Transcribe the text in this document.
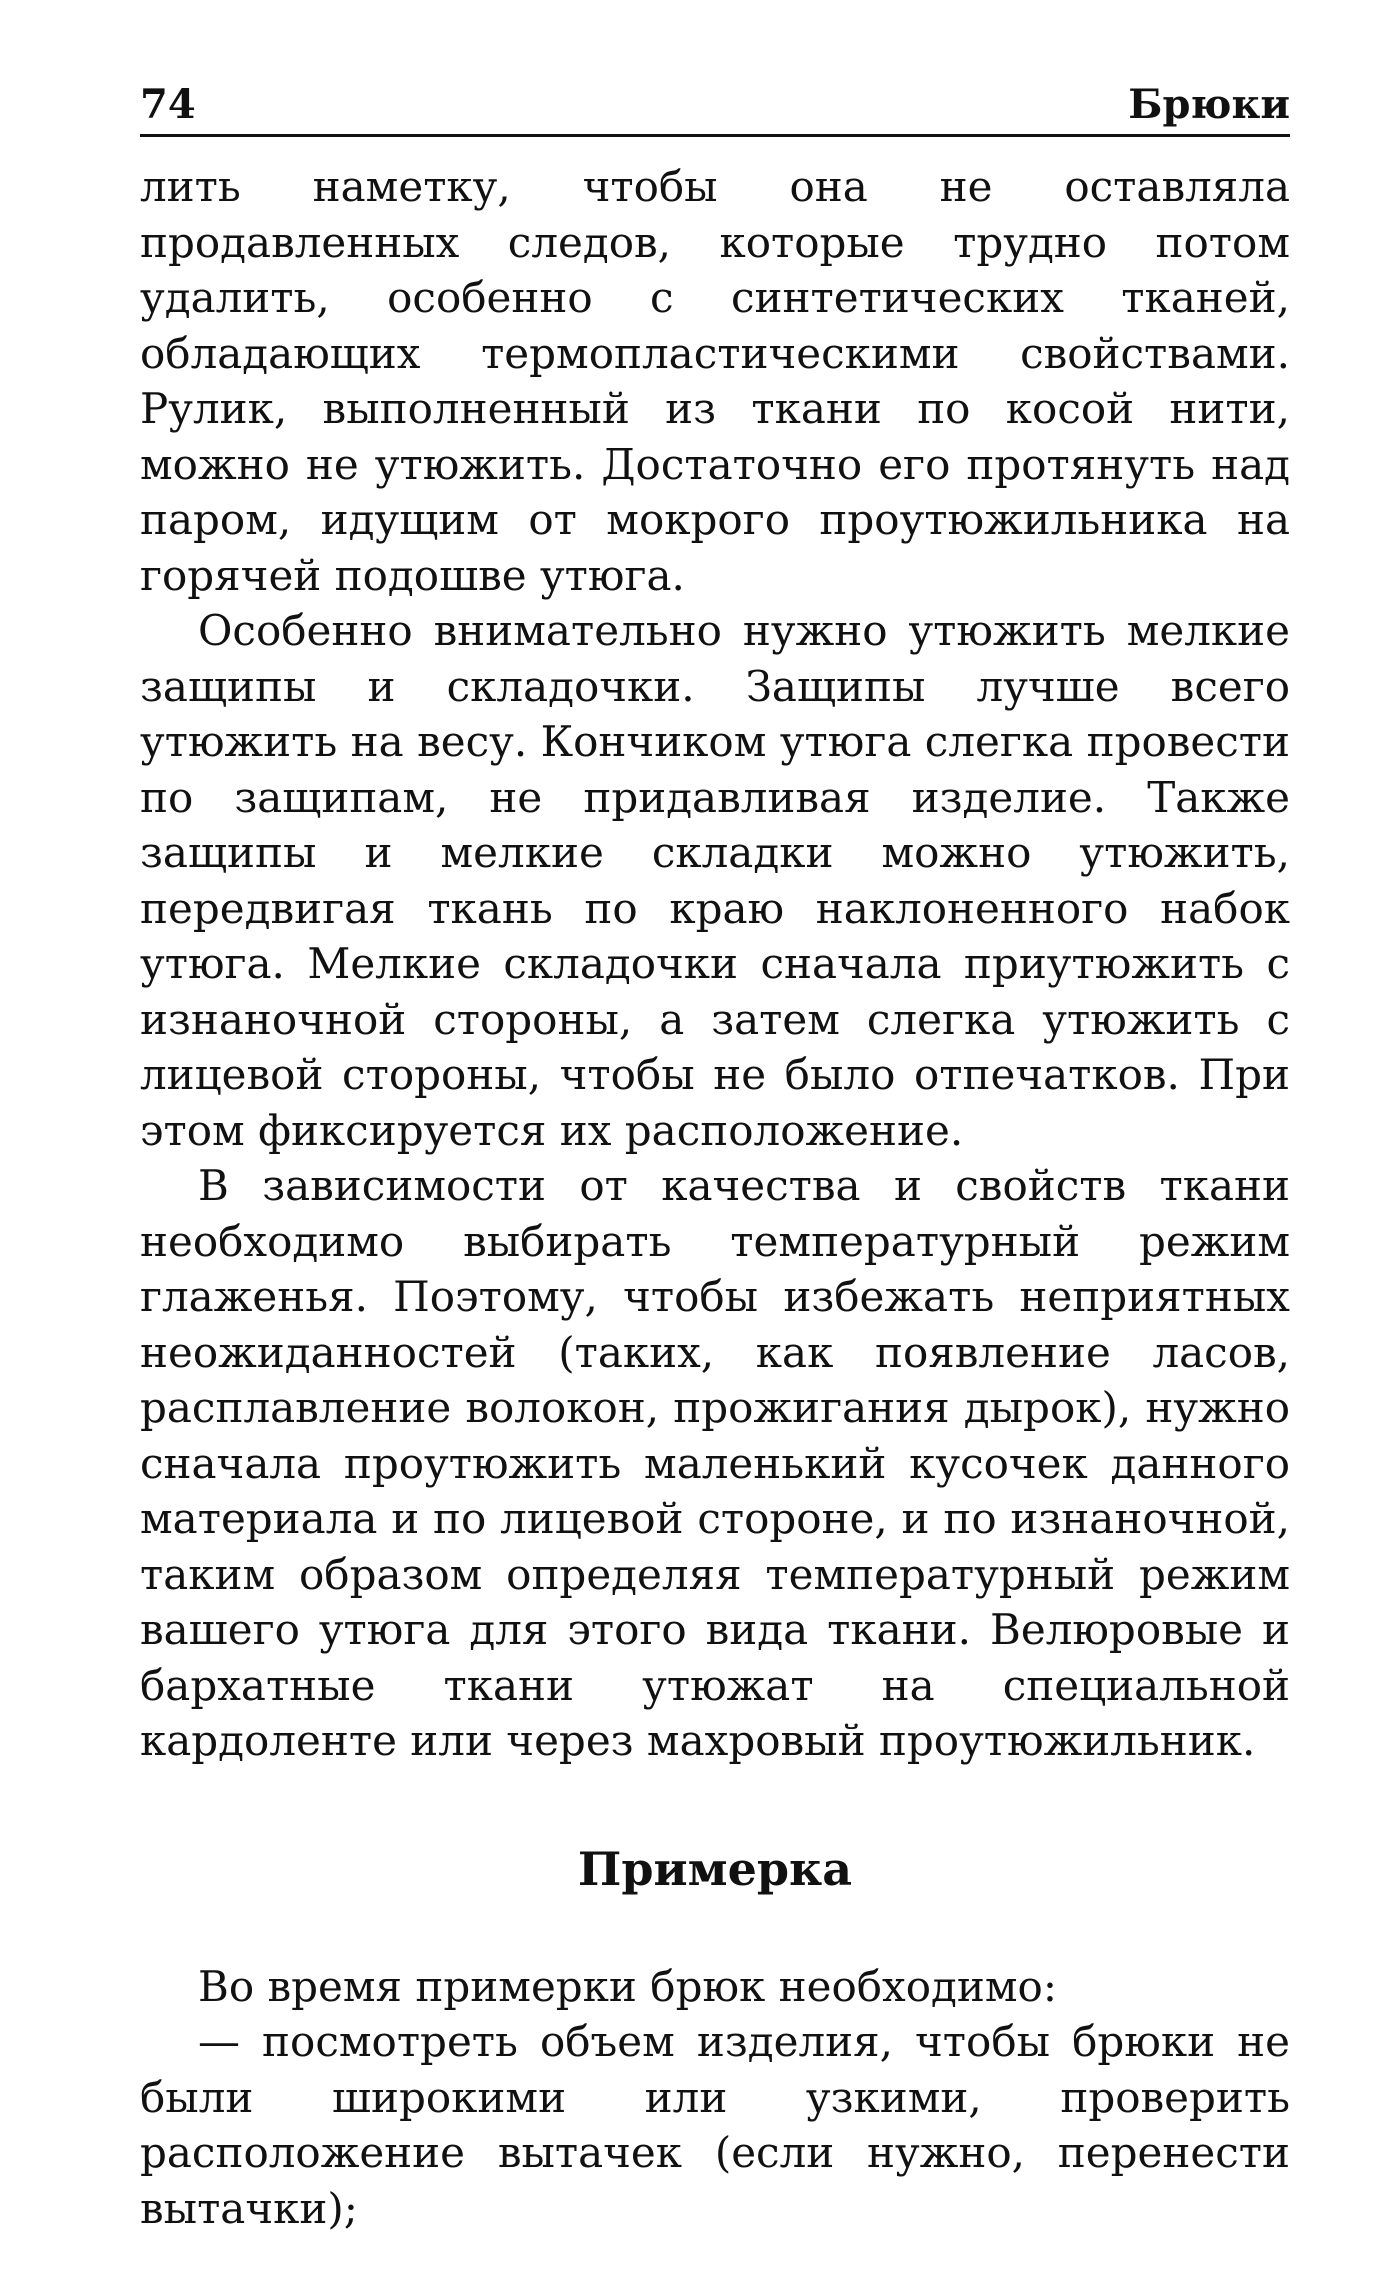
74	Брюки

лить наметку, чтобы она не оставляла продавленных следов, которые трудно потом удалить, особенно с синтетических тканей, обладающих термопластическими свойствами. Рулик, выполненный из ткани по косой нити, можно не утюжить. Достаточно его протянуть над паром, идущим от мокрого проутюжильника на горячей подошве утюга.

Особенно внимательно нужно утюжить мелкие защипы и складочки. Защипы лучше всего утюжить на весу. Кончиком утюга слегка провести по защипам, не придавливая изделие. Также защипы и мелкие складки можно утюжить, передвигая ткань по краю наклоненного набок утюга. Мелкие складочки сначала приутюжить с изнаночной стороны, а затем слегка утюжить с лицевой стороны, чтобы не было отпечатков. При этом фиксируется их расположение.

В зависимости от качества и свойств ткани необходимо выбирать температурный режим глаженья. Поэтому, чтобы избежать неприятных неожиданностей (таких, как появление ласов, расплавление волокон, прожигания дырок), нужно сначала проутюжить маленький кусочек данного материала и по лицевой стороне, и по изнаночной, таким образом определяя температурный режим вашего утюга для этого вида ткани. Велюровые и бархатные ткани утюжат на специальной кардоленте или через махровый проутюжильник.

Примерка

Во время примерки брюк необходимо:

— посмотреть объем изделия, чтобы брюки не были широкими или узкими, проверить расположение вытачек (если нужно, перенести вытачки);
